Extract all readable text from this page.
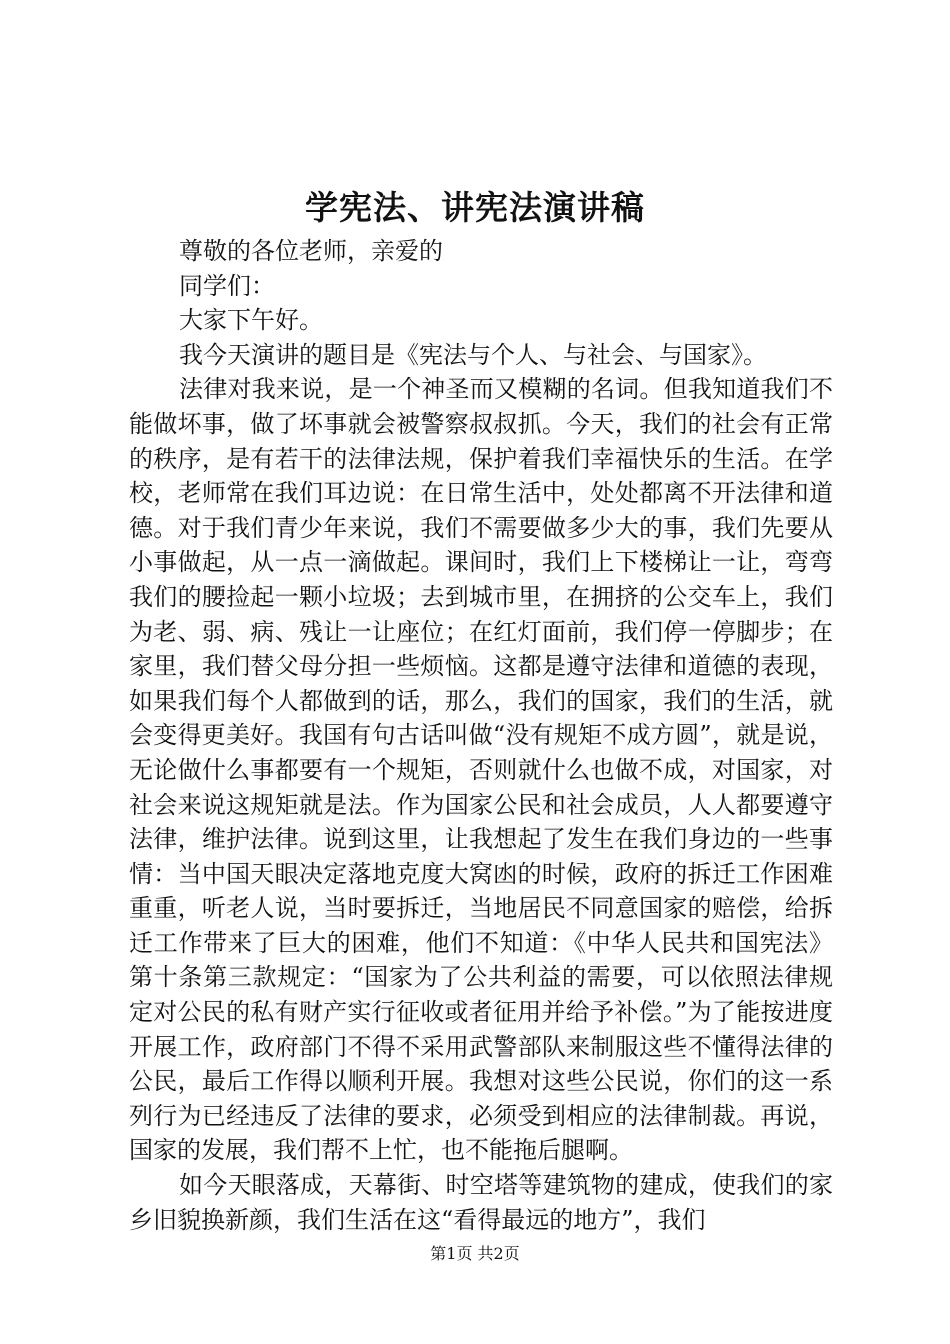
学宪法、讲宪法演讲稿

尊敬的各位老师，亲爱的

同学们：

大家下午好。

我今天演讲的题目是《宪法与个人、与社会、与国家》。

法律对我来说，是一个神圣而又模糊的名词。但我知道我们不能做坏事，做了坏事就会被警察叔叔抓。今天，我们的社会有正常的秩序，是有若干的法律法规，保护着我们幸福快乐的生活。在学校，老师常在我们耳边说：在日常生活中，处处都离不开法律和道德。对于我们青少年来说，我们不需要做多少大的事，我们先要从小事做起，从一点一滴做起。课间时，我们上下楼梯让一让，弯弯我们的腰捡起一颗小垃圾；去到城市里，在拥挤的公交车上，我们为老、弱、病、残让一让座位；在红灯面前，我们停一停脚步；在家里，我们替父母分担一些烦恼。这都是遵守法律和道德的表现，如果我们每个人都做到的话，那么，我们的国家，我们的生活，就会变得更美好。我国有句古话叫做“没有规矩不成方圆”，就是说，无论做什么事都要有一个规矩，否则就什么也做不成，对国家，对社会来说这规矩就是法。作为国家公民和社会成员，人人都要遵守法律，维护法律。说到这里，让我想起了发生在我们身边的一些事情：当中国天眼决定落地克度大窝凼的时候，政府的拆迁工作困难重重，听老人说，当时要拆迁，当地居民不同意国家的赔偿，给拆迁工作带来了巨大的困难，他们不知道：《中华人民共和国宪法》第十条第三款规定：“国家为了公共利益的需要，可以依照法律规定对公民的私有财产实行征收或者征用并给予补偿。”为了能按进度开展工作，政府部门不得不采用武警部队来制服这些不懂得法律的公民，最后工作得以顺利开展。我想对这些公民说，你们的这一系列行为已经违反了法律的要求，必须受到相应的法律制裁。再说，国家的发展，我们帮不上忙，也不能拖后腿啊。

如今天眼落成，天幕街、时空塔等建筑物的建成，使我们的家乡旧貌换新颜，我们生活在这“看得最远的地方”，我们

第1页 共2页
